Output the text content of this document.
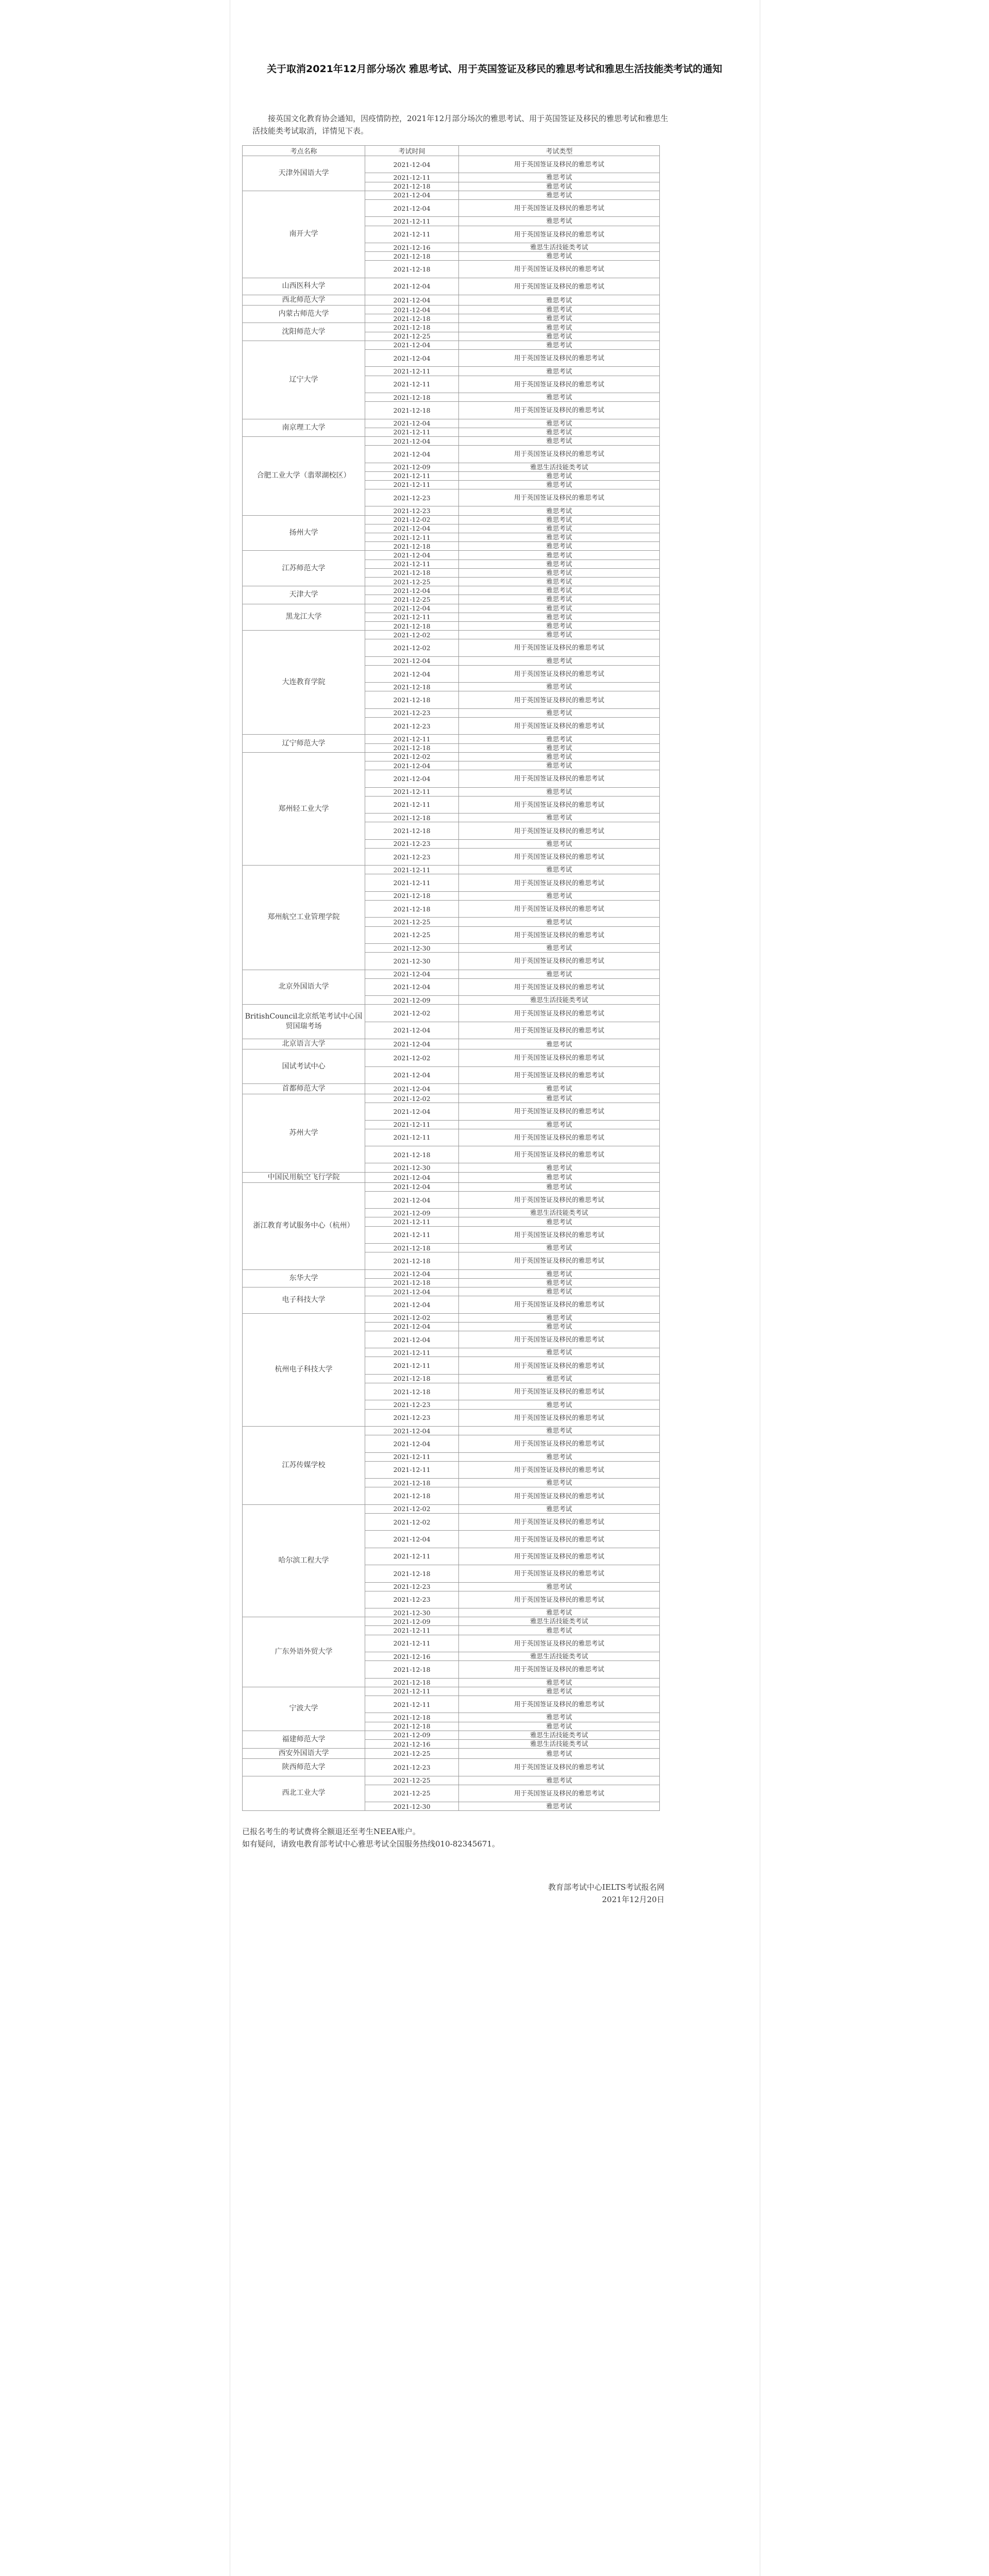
关于取消2021年12月部分场次 雅思考试、用于英国签证及移民的雅思考试和雅思生活技能类考试的通知

接英国文化教育协会通知，因疫情防控，2021年12月部分场次的雅思考试、用于英国签证及移民的雅思考试和雅思生活技能类考试取消，详情见下表。

考点名称	考试时间	考试类型
天津外国语大学	2021-12-04	用于英国签证及移民的雅思考试
	2021-12-11	雅思考试
	2021-12-18	雅思考试
南开大学	2021-12-04	雅思考试
	2021-12-04	用于英国签证及移民的雅思考试
	2021-12-11	雅思考试
	2021-12-11	用于英国签证及移民的雅思考试
	2021-12-16	雅思生活技能类考试
	2021-12-18	雅思考试
	2021-12-18	用于英国签证及移民的雅思考试
山西医科大学	2021-12-04	用于英国签证及移民的雅思考试
西北师范大学	2021-12-04	雅思考试
内蒙古师范大学	2021-12-04	雅思考试
	2021-12-18	雅思考试
沈阳师范大学	2021-12-18	雅思考试
	2021-12-25	雅思考试
辽宁大学	2021-12-04	雅思考试
	2021-12-04	用于英国签证及移民的雅思考试
	2021-12-11	雅思考试
	2021-12-11	用于英国签证及移民的雅思考试
	2021-12-18	雅思考试
	2021-12-18	用于英国签证及移民的雅思考试
南京理工大学	2021-12-04	雅思考试
	2021-12-11	雅思考试
合肥工业大学（翡翠湖校区）	2021-12-04	雅思考试
	2021-12-04	用于英国签证及移民的雅思考试
	2021-12-09	雅思生活技能类考试
	2021-12-11	雅思考试
	2021-12-11	雅思考试
	2021-12-23	用于英国签证及移民的雅思考试
	2021-12-23	雅思考试
扬州大学	2021-12-02	雅思考试
	2021-12-04	雅思考试
	2021-12-11	雅思考试
	2021-12-18	雅思考试
江苏师范大学	2021-12-04	雅思考试
	2021-12-11	雅思考试
	2021-12-18	雅思考试
	2021-12-25	雅思考试
天津大学	2021-12-04	雅思考试
	2021-12-25	雅思考试
黑龙江大学	2021-12-04	雅思考试
	2021-12-11	雅思考试
	2021-12-18	雅思考试
大连教育学院	2021-12-02	雅思考试
	2021-12-02	用于英国签证及移民的雅思考试
	2021-12-04	雅思考试
	2021-12-04	用于英国签证及移民的雅思考试
	2021-12-18	雅思考试
	2021-12-18	用于英国签证及移民的雅思考试
	2021-12-23	雅思考试
	2021-12-23	用于英国签证及移民的雅思考试
辽宁师范大学	2021-12-11	雅思考试
	2021-12-18	雅思考试
郑州轻工业大学	2021-12-02	雅思考试
	2021-12-04	雅思考试
	2021-12-04	用于英国签证及移民的雅思考试
	2021-12-11	雅思考试
	2021-12-11	用于英国签证及移民的雅思考试
	2021-12-18	雅思考试
	2021-12-18	用于英国签证及移民的雅思考试
	2021-12-23	雅思考试
	2021-12-23	用于英国签证及移民的雅思考试
郑州航空工业管理学院	2021-12-11	雅思考试
	2021-12-11	用于英国签证及移民的雅思考试
	2021-12-18	雅思考试
	2021-12-18	用于英国签证及移民的雅思考试
	2021-12-25	雅思考试
	2021-12-25	用于英国签证及移民的雅思考试
	2021-12-30	雅思考试
	2021-12-30	用于英国签证及移民的雅思考试
北京外国语大学	2021-12-04	雅思考试
	2021-12-04	用于英国签证及移民的雅思考试
	2021-12-09	雅思生活技能类考试
BritishCouncil北京纸笔考试中心国贸国瑞考场	2021-12-02	用于英国签证及移民的雅思考试
	2021-12-04	用于英国签证及移民的雅思考试
北京语言大学	2021-12-04	雅思考试
国试考试中心	2021-12-02	用于英国签证及移民的雅思考试
	2021-12-04	用于英国签证及移民的雅思考试
首都师范大学	2021-12-04	雅思考试
苏州大学	2021-12-02	雅思考试
	2021-12-04	用于英国签证及移民的雅思考试
	2021-12-11	雅思考试
	2021-12-11	用于英国签证及移民的雅思考试
	2021-12-18	用于英国签证及移民的雅思考试
	2021-12-30	雅思考试
中国民用航空飞行学院	2021-12-04	雅思考试
浙江教育考试服务中心（杭州）	2021-12-04	雅思考试
	2021-12-04	用于英国签证及移民的雅思考试
	2021-12-09	雅思生活技能类考试
	2021-12-11	雅思考试
	2021-12-11	用于英国签证及移民的雅思考试
	2021-12-18	雅思考试
	2021-12-18	用于英国签证及移民的雅思考试
东华大学	2021-12-04	雅思考试
	2021-12-18	雅思考试
电子科技大学	2021-12-04	雅思考试
	2021-12-04	用于英国签证及移民的雅思考试
杭州电子科技大学	2021-12-02	雅思考试
	2021-12-04	雅思考试
	2021-12-04	用于英国签证及移民的雅思考试
	2021-12-11	雅思考试
	2021-12-11	用于英国签证及移民的雅思考试
	2021-12-18	雅思考试
	2021-12-18	用于英国签证及移民的雅思考试
	2021-12-23	雅思考试
	2021-12-23	用于英国签证及移民的雅思考试
江苏传媒学校	2021-12-04	雅思考试
	2021-12-04	用于英国签证及移民的雅思考试
	2021-12-11	雅思考试
	2021-12-11	用于英国签证及移民的雅思考试
	2021-12-18	雅思考试
	2021-12-18	用于英国签证及移民的雅思考试
哈尔滨工程大学	2021-12-02	雅思考试
	2021-12-02	用于英国签证及移民的雅思考试
	2021-12-04	用于英国签证及移民的雅思考试
	2021-12-11	用于英国签证及移民的雅思考试
	2021-12-18	用于英国签证及移民的雅思考试
	2021-12-23	雅思考试
	2021-12-23	用于英国签证及移民的雅思考试
	2021-12-30	雅思考试
广东外语外贸大学	2021-12-09	雅思生活技能类考试
	2021-12-11	雅思考试
	2021-12-11	用于英国签证及移民的雅思考试
	2021-12-16	雅思生活技能类考试
	2021-12-18	用于英国签证及移民的雅思考试
	2021-12-18	雅思考试
宁波大学	2021-12-11	雅思考试
	2021-12-11	用于英国签证及移民的雅思考试
	2021-12-18	雅思考试
	2021-12-18	雅思考试
福建师范大学	2021-12-09	雅思生活技能类考试
	2021-12-16	雅思生活技能类考试
西安外国语大学	2021-12-25	雅思考试
陕西师范大学	2021-12-23	用于英国签证及移民的雅思考试
西北工业大学	2021-12-25	雅思考试
	2021-12-25	用于英国签证及移民的雅思考试
	2021-12-30	雅思考试

已报名考生的考试费将全额退还至考生NEEA账户。

如有疑问，请致电教育部考试中心雅思考试全国服务热线010-82345671。

教育部考试中心IELTS考试报名网

2021年12月20日
